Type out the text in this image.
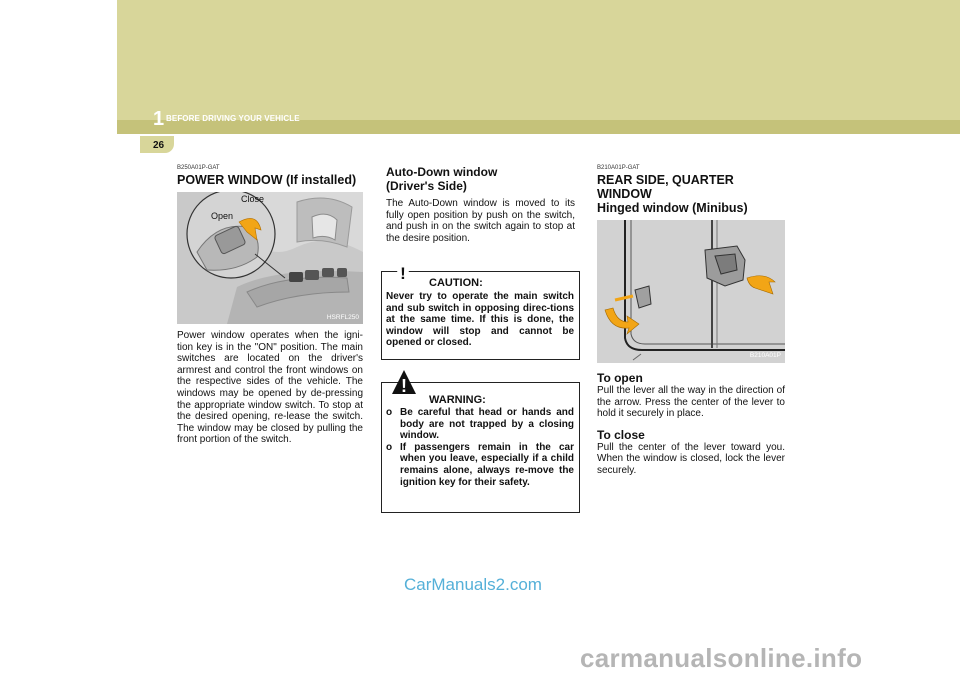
1 BEFORE DRIVING YOUR VEHICLE
26

B250A01P-GAT

POWER WINDOW (If installed)

Close
Open
HSRFL250

Power window operates when the igni-tion key is in the "ON" position. The main switches are located on the driver's armrest and control the front windows on the respective sides of the vehicle. The windows may be opened by de-pressing the appropriate window switch. To stop at the desired opening, re-lease the switch. The window may be closed by pulling the front portion of the switch.

Auto-Down window

(Driver's Side)

The Auto-Down window is moved to its fully open position by push on the switch, and push in on the switch again to stop at the desire position.

! CAUTION:
Never try to operate the main switch and sub switch in opposing direc-tions at the same time. If this is done, the window will stop and cannot be opened or closed.
!
WARNING:
o Be careful that head or hands and body are not trapped by a closing window.
o If passengers remain in the car when you leave, especially if a child remains alone, always re-move the ignition key for their safety.

B210A01P-GAT

REAR SIDE, QUARTER WINDOW

Hinged window (Minibus)

B210A01P

To open

Pull the lever all the way in the direction of the arrow. Press the center of the lever to hold it securely in place.

To close

Pull the center of the lever toward you. When the window is closed, lock the lever securely.

CarManuals2.com
carmanualsonline.info
